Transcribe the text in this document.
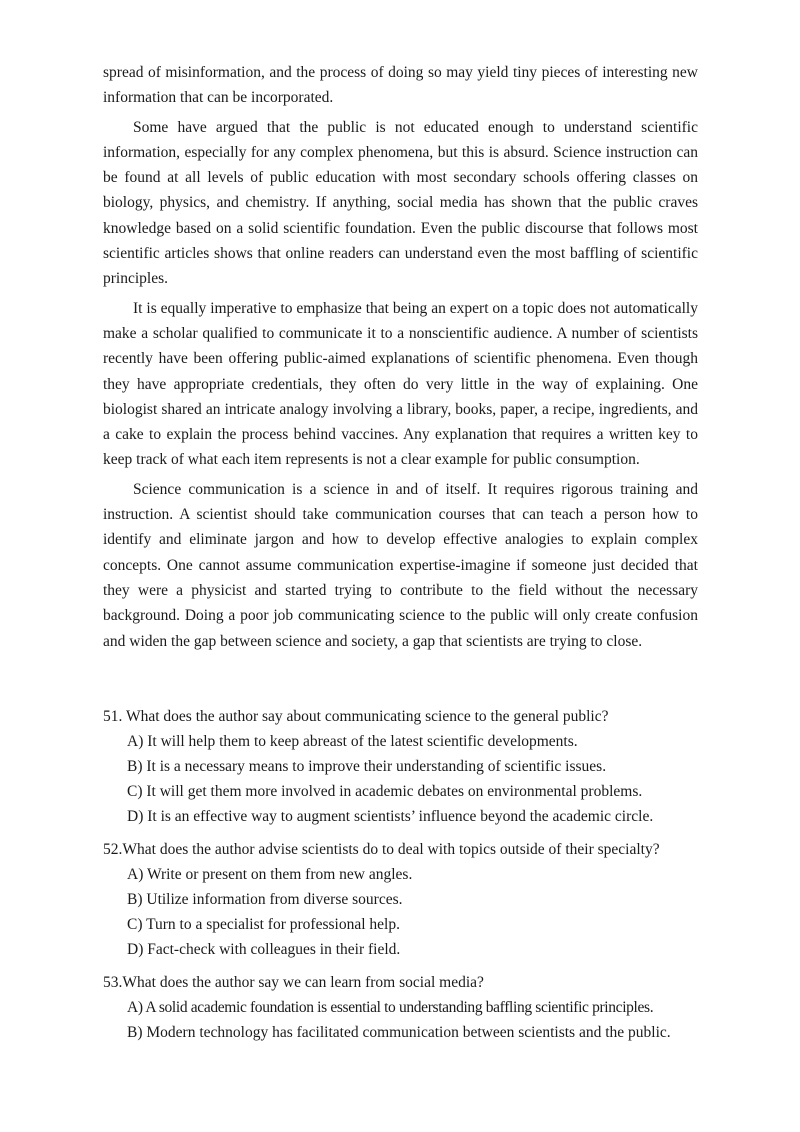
spread of misinformation, and the process of doing so may yield tiny pieces of interesting new information that can be incorporated.

Some have argued that the public is not educated enough to understand scientific information, especially for any complex phenomena, but this is absurd. Science instruction can be found at all levels of public education with most secondary schools offering classes on biology, physics, and chemistry. If anything, social media has shown that the public craves knowledge based on a solid scientific foundation. Even the public discourse that follows most scientific articles shows that online readers can understand even the most baffling of scientific principles.

It is equally imperative to emphasize that being an expert on a topic does not automatically make a scholar qualified to communicate it to a nonscientific audience. A number of scientists recently have been offering public-aimed explanations of scientific phenomena. Even though they have appropriate credentials, they often do very little in the way of explaining. One biologist shared an intricate analogy involving a library, books, paper, a recipe, ingredients, and a cake to explain the process behind vaccines. Any explanation that requires a written key to keep track of what each item represents is not a clear example for public consumption.

Science communication is a science in and of itself. It requires rigorous training and instruction. A scientist should take communication courses that can teach a person how to identify and eliminate jargon and how to develop effective analogies to explain complex concepts. One cannot assume communication expertise-imagine if someone just decided that they were a physicist and started trying to contribute to the field without the necessary background. Doing a poor job communicating science to the public will only create confusion and widen the gap between science and society, a gap that scientists are trying to close.

51. What does the author say about communicating science to the general public?
A) It will help them to keep abreast of the latest scientific developments.
B) It is a necessary means to improve their understanding of scientific issues.
C) It will get them more involved in academic debates on environmental problems.
D) It is an effective way to augment scientists’ influence beyond the academic circle.
52.What does the author advise scientists do to deal with topics outside of their specialty?
A) Write or present on them from new angles.
B) Utilize information from diverse sources.
C) Turn to a specialist for professional help.
D) Fact-check with colleagues in their field.
53.What does the author say we can learn from social media?
A) A solid academic foundation is essential to understanding baffling scientific principles.
B) Modern technology has facilitated communication between scientists and the public.
